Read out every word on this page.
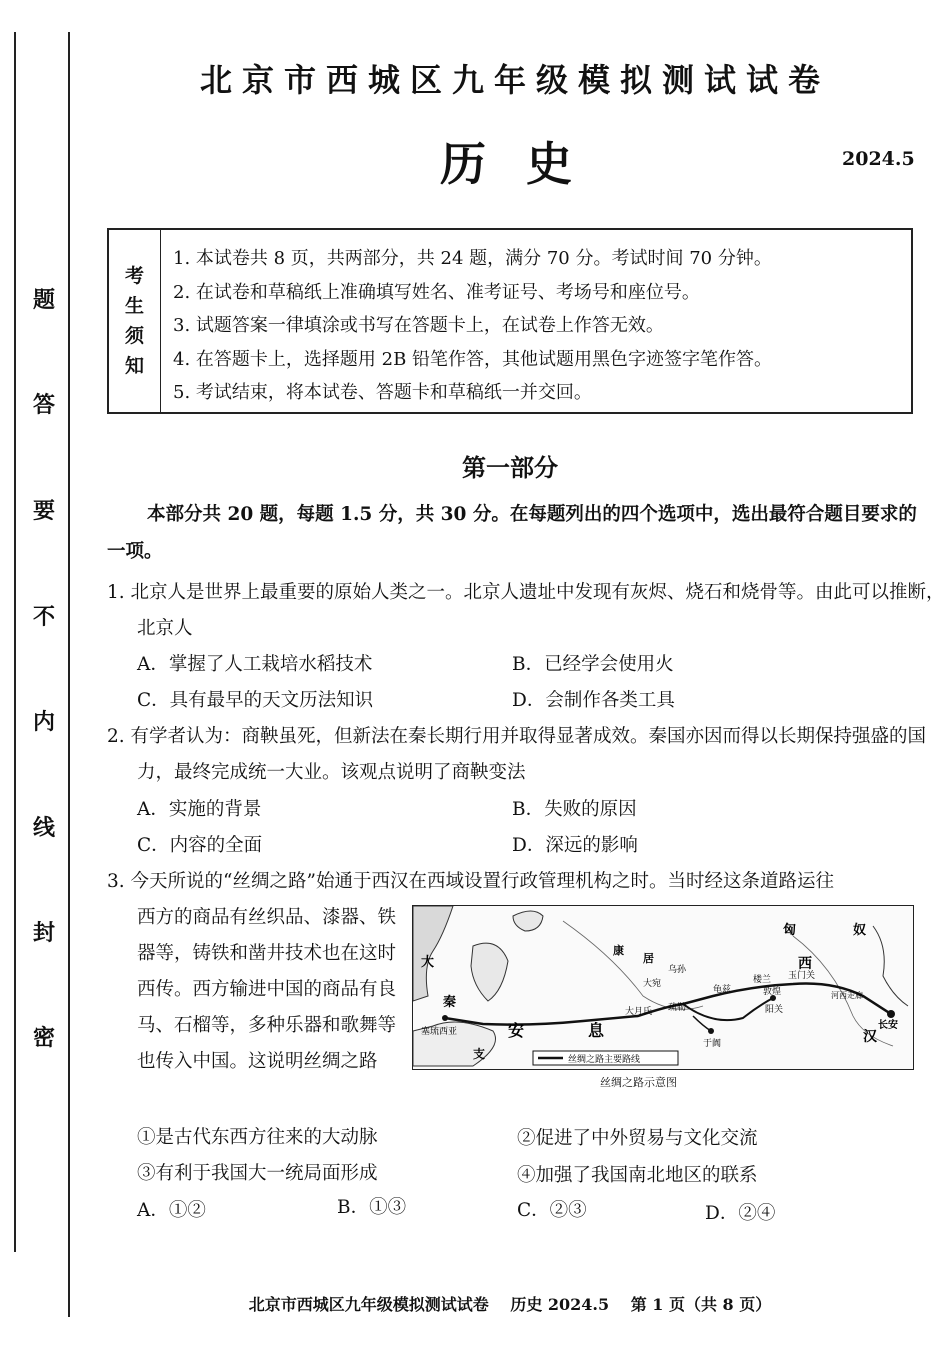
题
答
要
不
内
线
封
密
北京市西城区九年级模拟测试试卷
历史	2024.5
考
生
须
知
1. 本试卷共 8 页，共两部分，共 24 题，满分 70 分。考试时间 70 分钟。
2. 在试卷和草稿纸上准确填写姓名、准考证号、考场号和座位号。
3. 试题答案一律填涂或书写在答题卡上，在试卷上作答无效。
4. 在答题卡上，选择题用 2B 铅笔作答，其他试题用黑色字迹签字笔作答。
5. 考试结束，将本试卷、答题卡和草稿纸一并交回。
第一部分
本部分共 20 题，每题 1.5 分，共 30 分。在每题列出的四个选项中，选出最符合题目要求的一项。
1. 北京人是世界上最重要的原始人类之一。北京人遗址中发现有灰烬、烧石和烧骨等。由此可以推断，北京人
A．掌握了人工栽培水稻技术	B．已经学会使用火
C．具有最早的天文历法知识	D．会制作各类工具
2. 有学者认为：商鞅虽死，但新法在秦长期行用并取得显著成效。秦国亦因而得以长期保持强盛的国力，最终完成统一大业。该观点说明了商鞅变法
A．实施的背景	B．失败的原因
C．内容的全面	D．深远的影响
3. 今天所说的“丝绸之路”始通于西汉在西域设置行政管理机构之时。当时经这条道路运往
西方的商品有丝织品、漆器、铁器等，铸铁和凿井技术也在这时西传。西方输进中国的商品有良马、石榴等，多种乐器和歌舞等也传入中国。这说明丝绸之路
匈	奴
西
汉
长安
大
秦
安	息
支
康
居
大宛
乌孙
大月氏
于阗
楼兰 玉门关
敦煌
阳关
疏勒
龟兹
塞琉西亚
河西走廊
丝绸之路主要路线
丝绸之路示意图
①是古代东西方往来的大动脉	②促进了中外贸易与文化交流
③有利于我国大一统局面形成	④加强了我国南北地区的联系
A．①②	B．①③	C．②③	D．②④
北京市西城区九年级模拟测试试卷 历史 2024.5 第 1 页（共 8 页）
